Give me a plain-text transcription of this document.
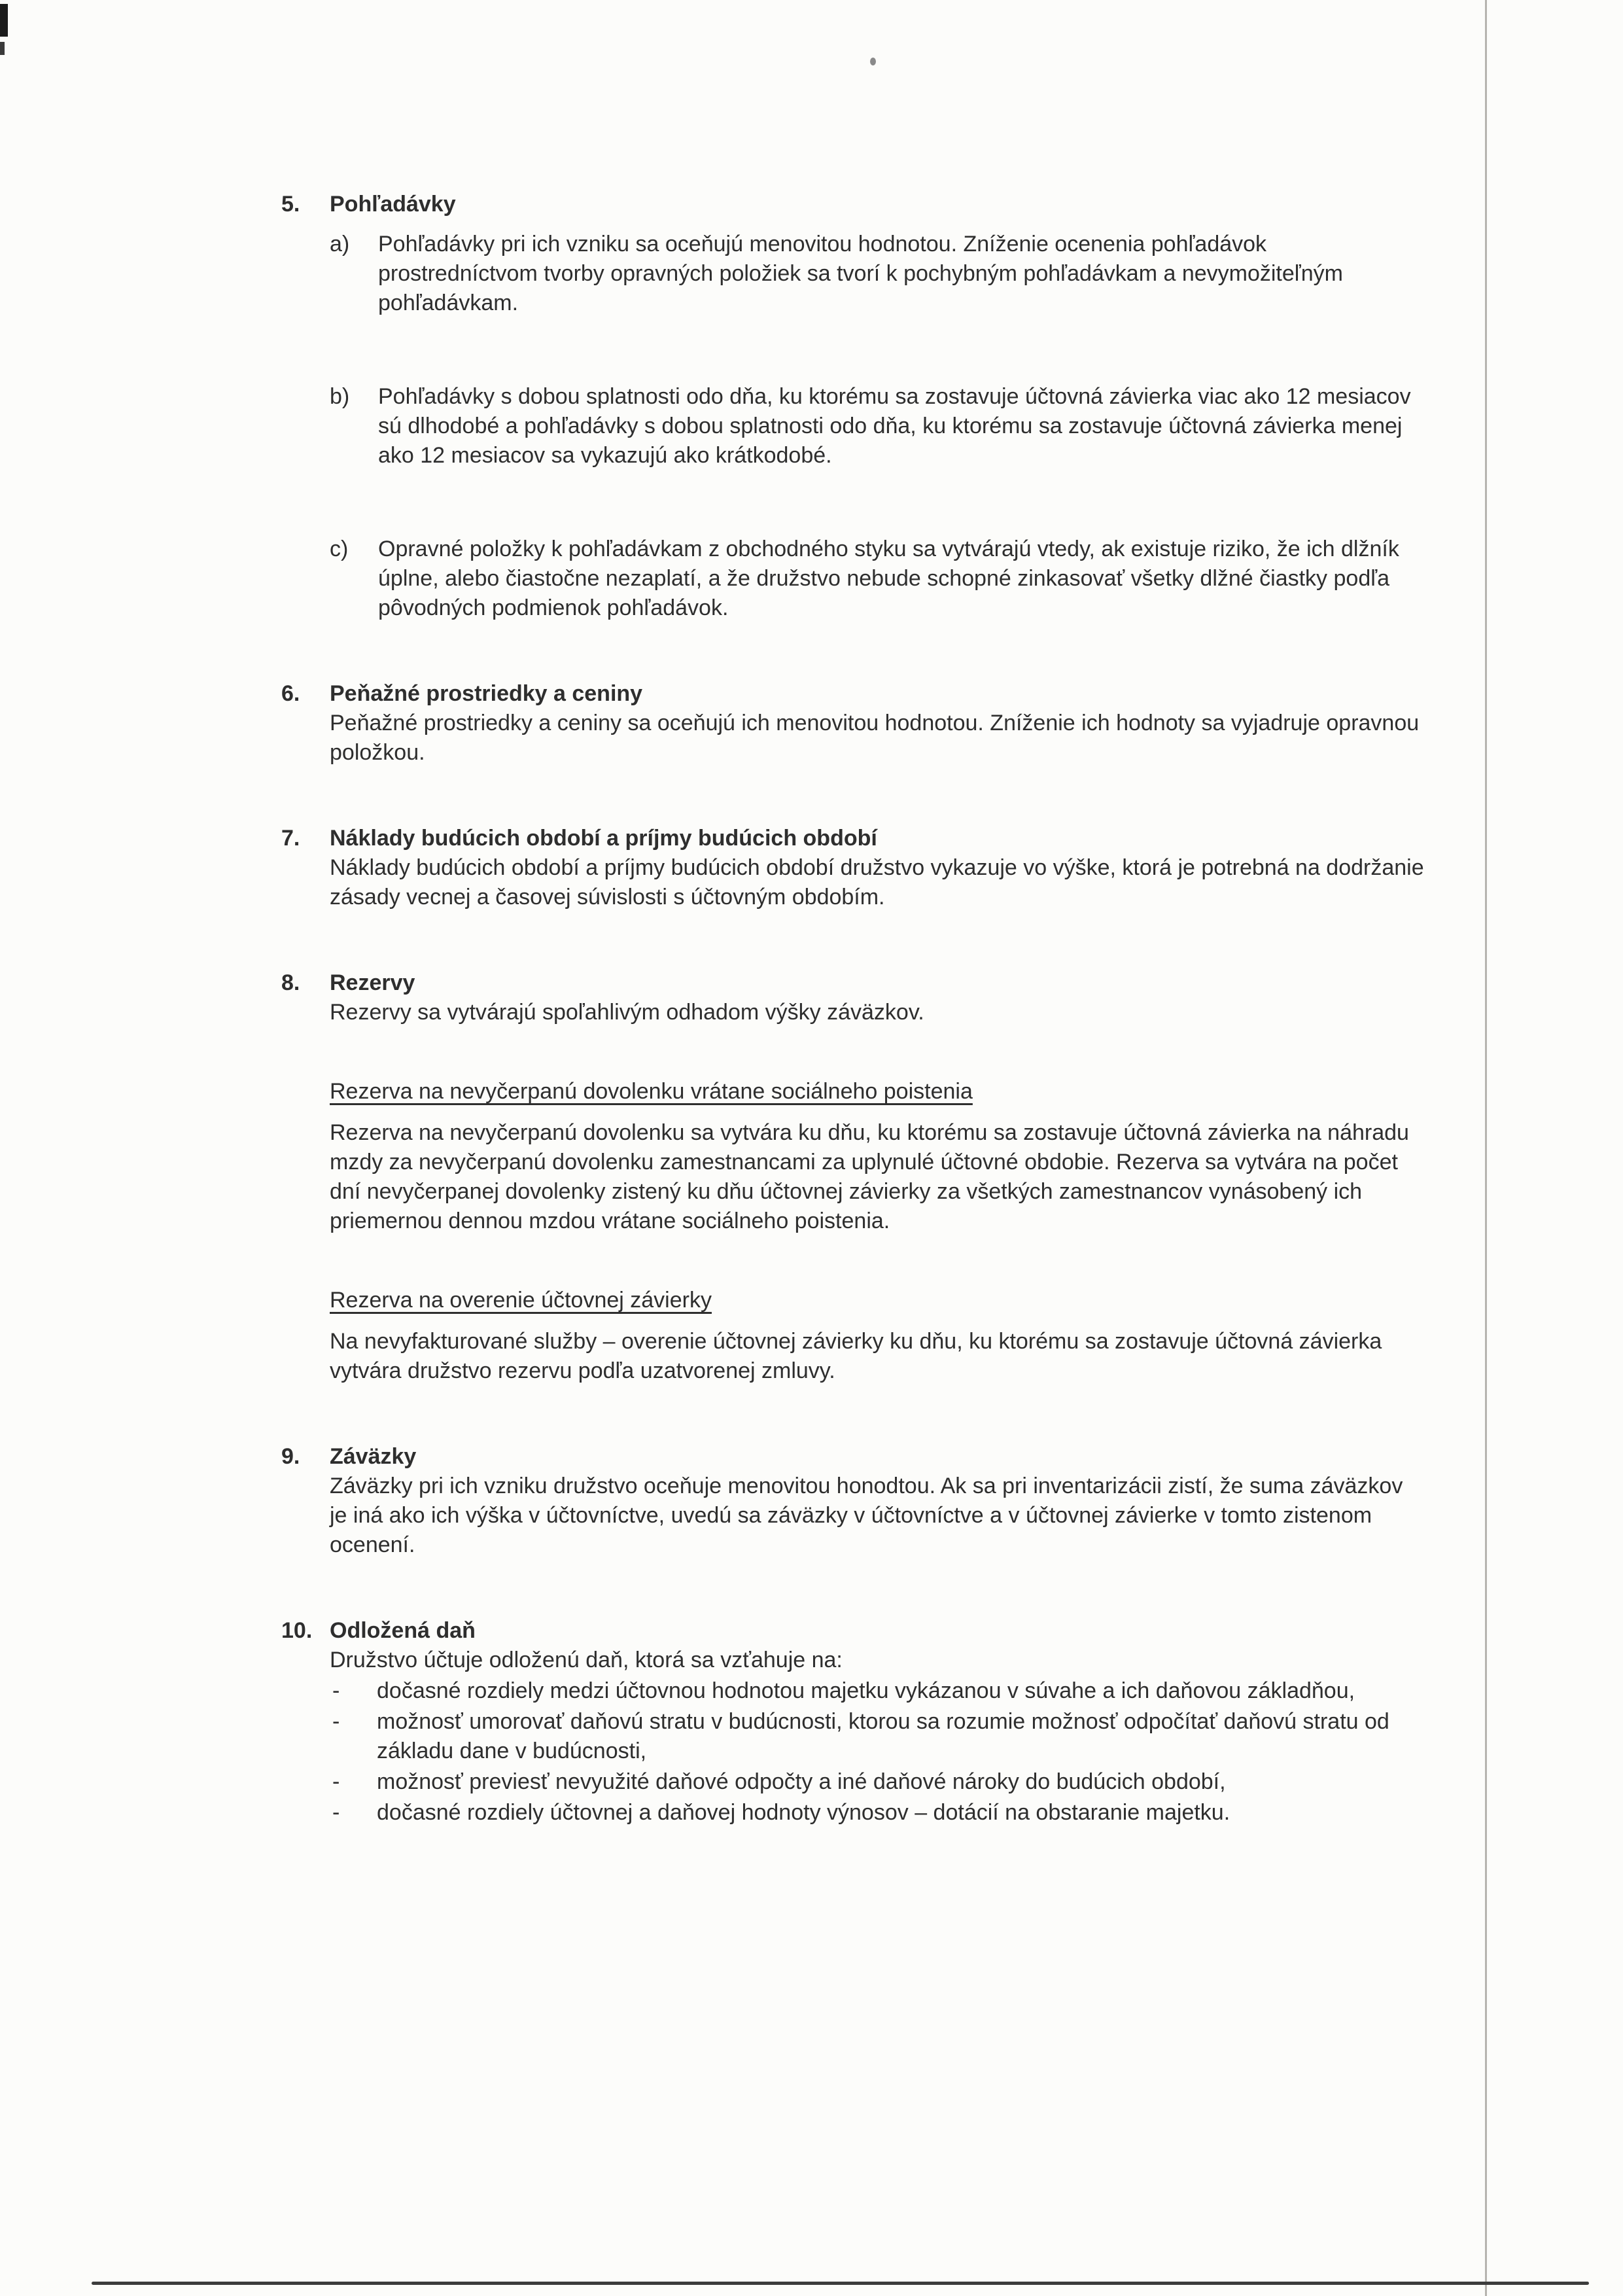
5.	Pohľadávky
a)	Pohľadávky pri ich vzniku sa oceňujú menovitou hodnotou. Zníženie ocenenia pohľadávok prostredníctvom tvorby opravných položiek sa tvorí k pochybným pohľadávkam a nevymožiteľným pohľadávkam.
b)	Pohľadávky s dobou splatnosti odo dňa, ku ktorému sa zostavuje účtovná závierka viac ako 12 mesiacov sú dlhodobé a pohľadávky s dobou splatnosti odo dňa, ku ktorému sa zostavuje účtovná závierka menej ako 12 mesiacov sa vykazujú ako krátkodobé.
c)	Opravné položky k pohľadávkam z obchodného styku sa vytvárajú vtedy, ak existuje riziko, že ich dlžník úplne, alebo čiastočne nezaplatí, a že družstvo nebude schopné zinkasovať všetky dlžné čiastky podľa pôvodných podmienok pohľadávok.
6.	Peňažné prostriedky a ceniny
Peňažné prostriedky a ceniny sa oceňujú ich menovitou hodnotou. Zníženie ich hodnoty sa vyjadruje opravnou položkou.
7.	Náklady budúcich období a príjmy budúcich období
Náklady budúcich období a príjmy budúcich období družstvo vykazuje vo výške, ktorá je potrebná na dodržanie zásady vecnej a časovej súvislosti s účtovným obdobím.
8.	Rezervy
Rezervy sa vytvárajú spoľahlivým odhadom výšky záväzkov.
Rezerva na nevyčerpanú dovolenku vrátane sociálneho poistenia
Rezerva na nevyčerpanú dovolenku sa vytvára ku dňu, ku ktorému sa zostavuje účtovná závierka na náhradu mzdy za nevyčerpanú dovolenku zamestnancami za uplynulé účtovné obdobie. Rezerva sa vytvára na počet dní nevyčerpanej dovolenky zistený ku dňu účtovnej závierky za všetkých zamestnancov vynásobený ich priemernou dennou mzdou vrátane sociálneho poistenia.
Rezerva na overenie účtovnej závierky
Na nevyfakturované služby – overenie účtovnej závierky ku dňu, ku ktorému sa zostavuje účtovná závierka vytvára družstvo rezervu podľa uzatvorenej zmluvy.
9.	Záväzky
Záväzky pri ich vzniku družstvo oceňuje menovitou honodtou. Ak sa pri inventarizácii zistí, že suma záväzkov je iná ako ich výška v účtovníctve, uvedú sa záväzky v účtovníctve a v účtovnej závierke v tomto zistenom ocenení.
10. Odložená daň
Družstvo účtuje odloženú daň, ktorá sa vzťahuje na:
-	dočasné rozdiely medzi účtovnou hodnotou majetku vykázanou v súvahe a ich daňovou základňou,
-	možnosť umorovať daňovú stratu v budúcnosti, ktorou sa rozumie možnosť odpočítať daňovú stratu od základu dane v budúcnosti,
-	možnosť previesť nevyužité daňové odpočty a iné daňové nároky do budúcich období,
-	dočasné rozdiely účtovnej a daňovej hodnoty výnosov – dotácií na obstaranie majetku.
